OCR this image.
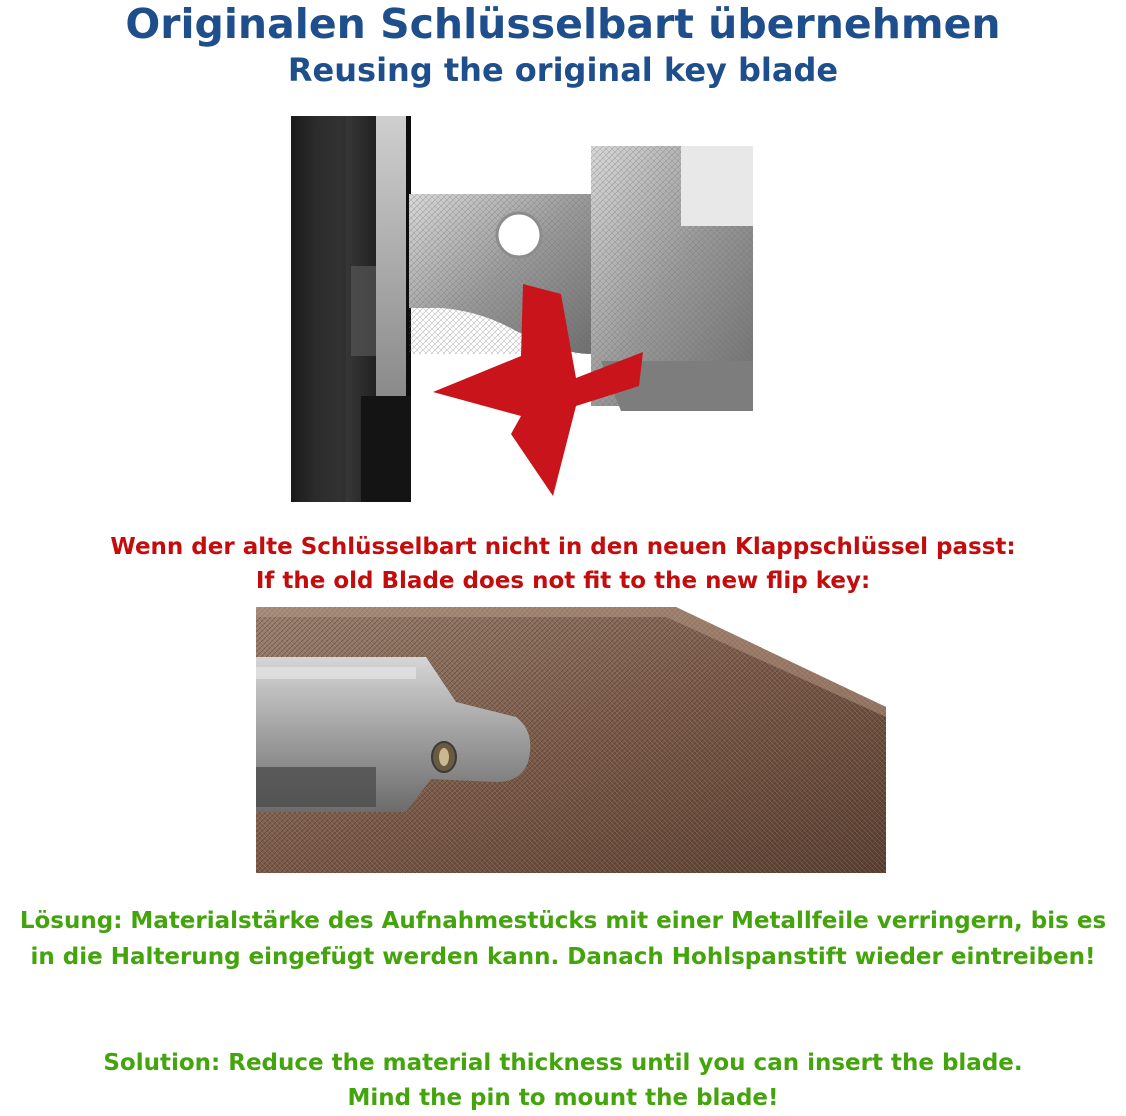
Originalen Schlüsselbart übernehmen
Reusing the original key blade
Wenn der alte Schlüsselbart nicht in den neuen Klappschlüssel passt:
If the old Blade does not fit to the new flip key:
Lösung: Materialstärke des Aufnahmestücks mit einer Metallfeile verringern, bis es in die Halterung eingefügt werden kann. Danach Hohlspanstift wieder eintreiben!
Solution: Reduce the material thickness until you can insert the blade.
Mind the pin to mount the blade!
